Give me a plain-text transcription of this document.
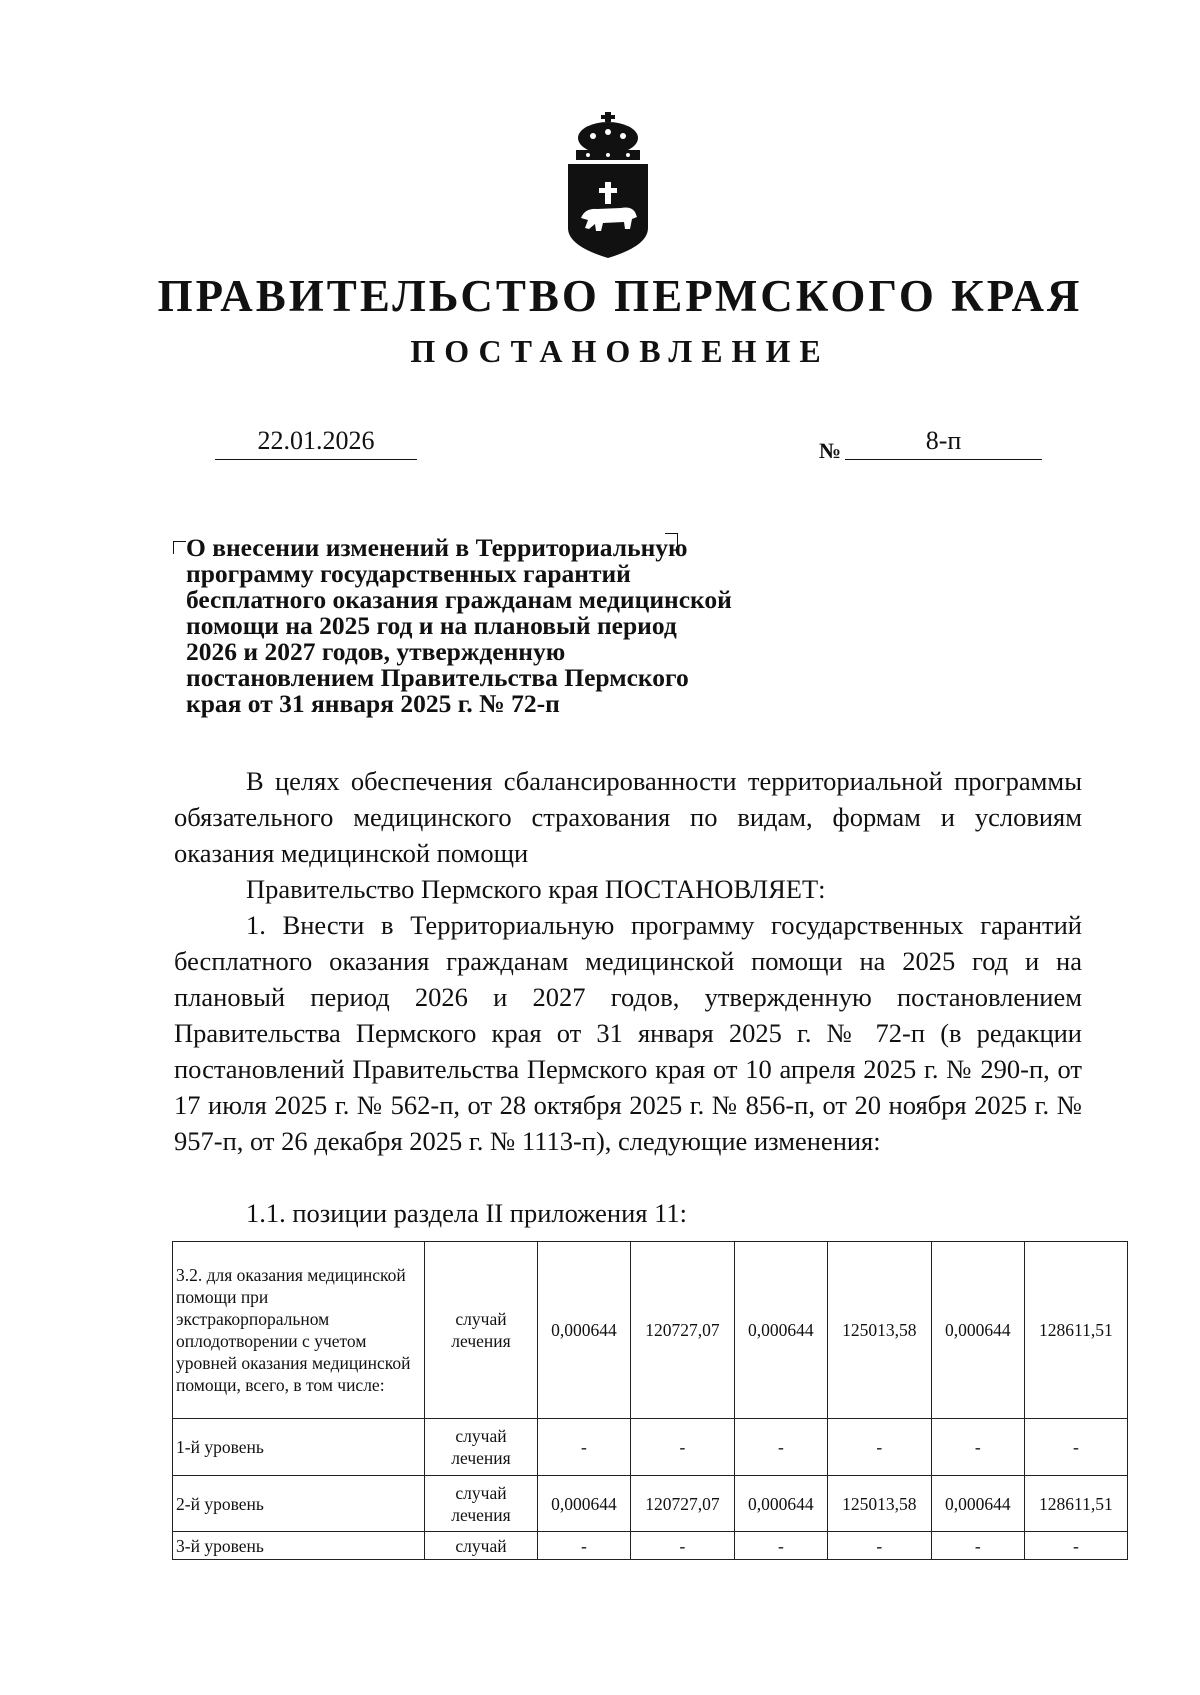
ПРАВИТЕЛЬСТВО ПЕРМСКОГО КРАЯ
ПОСТАНОВЛЕНИЕ
22.01.2026	№	8-п
О внесении изменений в Территориальную
программу государственных гарантий
бесплатного оказания гражданам медицинской
помощи на 2025 год и на плановый период
2026 и 2027 годов, утвержденную
постановлением Правительства Пермского
края от 31 января 2025 г. № 72-п

В целях обеспечения сбалансированности территориальной программы обязательного медицинского страхования по видам, формам и условиям оказания медицинской помощи

Правительство Пермского края ПОСТАНОВЛЯЕТ:

1. Внести в Территориальную программу государственных гарантий бесплатного оказания гражданам медицинской помощи на 2025 год и на плановый период 2026 и 2027 годов, утвержденную постановлением Правительства Пермского края от 31 января 2025 г. № 72-п (в редакции постановлений Правительства Пермского края от 10 апреля 2025 г. № 290-п, от 17 июля 2025 г. № 562-п, от 28 октября 2025 г. № 856-п, от 20 ноября 2025 г. № 957-п, от 26 декабря 2025 г. № 1113-п), следующие изменения:

1.1. позиции раздела II приложения 11:

3.2. для оказания медицинской помощи при экстракорпоральном оплодотворении с учетом уровней оказания медицинской помощи, всего, в том числе:	случай лечения	0,000644	120727,07	0,000644	125013,58	0,000644	128611,51
1-й уровень	случай лечения	-	-	-	-	-	-
2-й уровень	случай лечения	0,000644	120727,07	0,000644	125013,58	0,000644	128611,51
3-й уровень	случай	-	-	-	-	-	-
